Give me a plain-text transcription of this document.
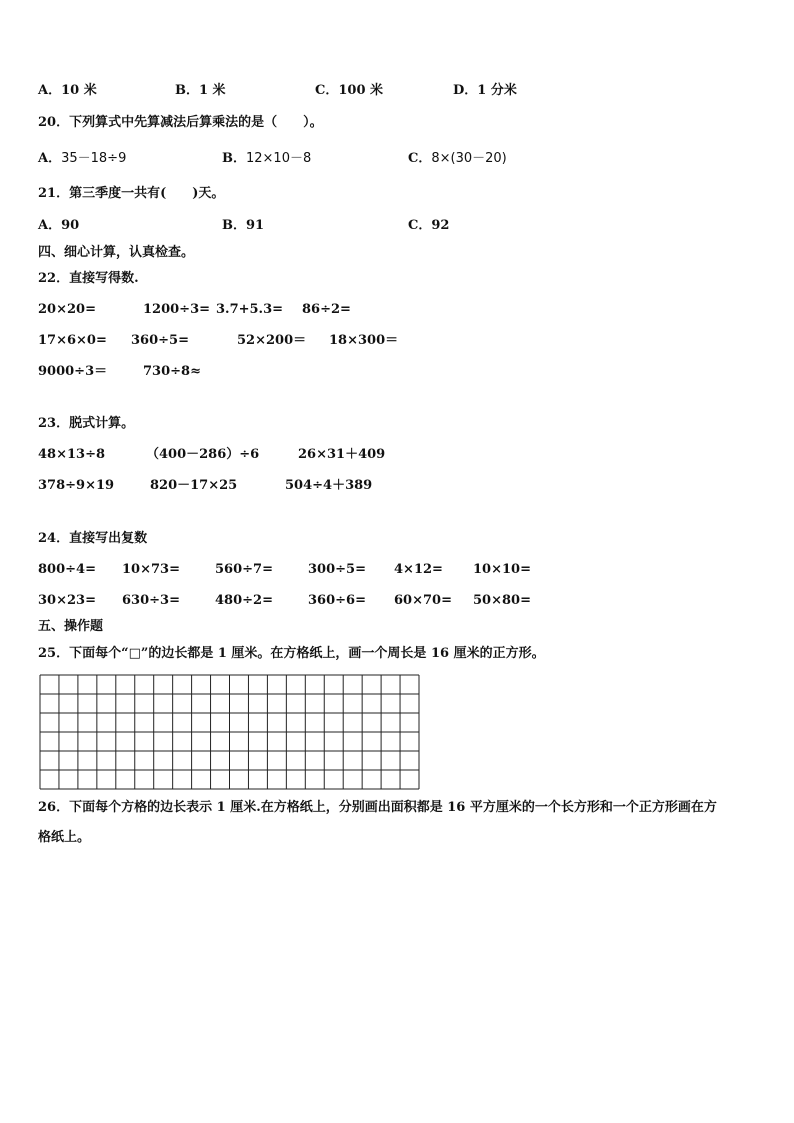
A．10 米	B．1 米	C．100 米	D．1 分米
20．下列算式中先算减法后算乘法的是（　　）。
A．35－18÷9	B．12×10－8	C．8×(30－20)
21．第三季度一共有(　　)天。
A．90	B．91	C．92
四、细心计算，认真检查。
22．直接写得数.
20×20=	1200÷3= 3.7+5.3= 86÷2=
17×6×0= 360÷5=	52×200＝ 18×300＝
9000÷3＝	730÷8≈
23．脱式计算。
48×13÷8	（400－286）÷6	26×31＋409
378÷9×19	820－17×25	504÷4＋389
24．直接写出复数
800÷4= 10×73=	560÷7=	300÷5= 4×12= 10×10=
30×23= 630÷3=	480÷2=	360÷6= 60×70= 50×80=
五、操作题
25．下面每个“□”的边长都是 1 厘米。在方格纸上，画一个周长是 16 厘米的正方形。
26．下面每个方格的边长表示 1 厘米.在方格纸上，分别画出面积都是 16 平方厘米的一个长方形和一个正方形画在方
格纸上。
